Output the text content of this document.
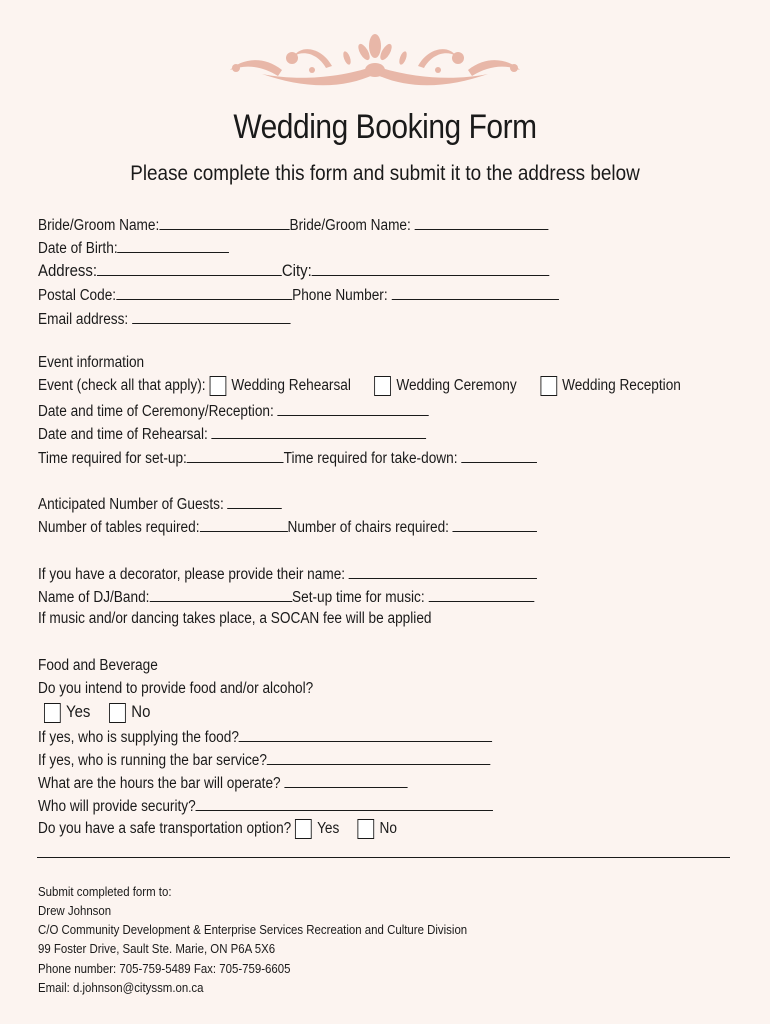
Wedding Booking Form
Please complete this form and submit it to the address below
Bride/Groom Name:	Bride/Groom Name:
Date of Birth:
Address:	City:
Postal Code:	Phone Number:
Email address:
Event information
Event (check all that apply): Wedding Rehearsal	Wedding Ceremony	Wedding Reception
Date and time of Ceremony/Reception:
Date and time of Rehearsal:
Time required for set-up:	Time required for take-down:
Anticipated Number of Guests:
Number of tables required:	Number of chairs required:
If you have a decorator, please provide their name:
Name of DJ/Band:	Set-up time for music:
If music and/or dancing takes place, a SOCAN fee will be applied
Food and Beverage
Do you intend to provide food and/or alcohol?
Yes No
If yes, who is supplying the food?
If yes, who is running the bar service?
What are the hours the bar will operate?
Who will provide security?
Do you have a safe transportation option? Yes	No
Submit completed form to:
Drew Johnson
C/O Community Development & Enterprise Services Recreation and Culture Division
99 Foster Drive, Sault Ste. Marie, ON P6A 5X6
Phone number: 705-759-5489 Fax: 705-759-6605
Email: d.johnson@cityssm.on.ca
